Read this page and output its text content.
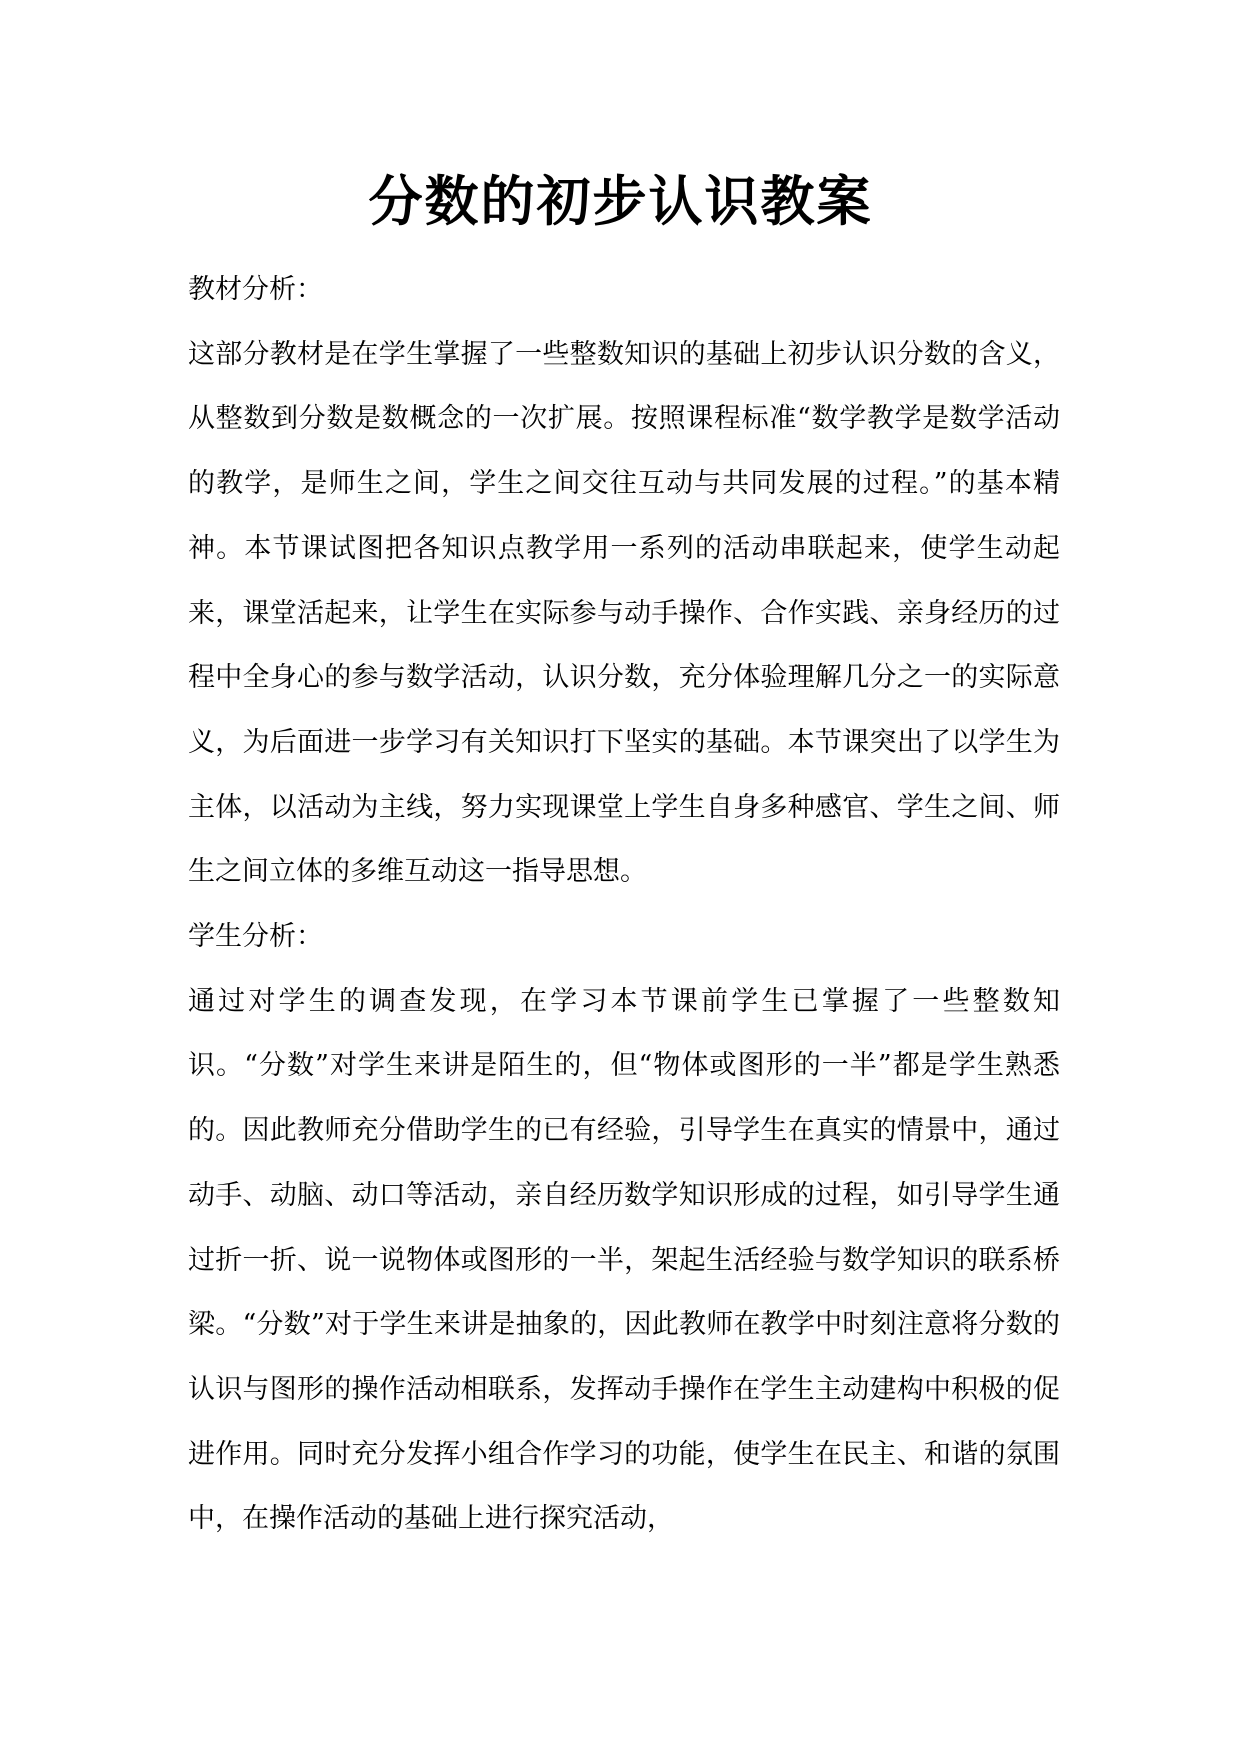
分数的初步认识教案

教材分析：

这部分教材是在学生掌握了一些整数知识的基础上初步认识分数的含义，从整数到分数是数概念的一次扩展。按照课程标准“数学教学是数学活动的教学，是师生之间，学生之间交往互动与共同发展的过程。”的基本精神。本节课试图把各知识点教学用一系列的活动串联起来，使学生动起来，课堂活起来，让学生在实际参与动手操作、合作实践、亲身经历的过程中全身心的参与数学活动，认识分数，充分体验理解几分之一的实际意义，为后面进一步学习有关知识打下坚实的基础。本节课突出了以学生为主体，以活动为主线，努力实现课堂上学生自身多种感官、学生之间、师生之间立体的多维互动这一指导思想。

学生分析：

通过对学生的调查发现，在学习本节课前学生已掌握了一些整数知识。“分数”对学生来讲是陌生的，但“物体或图形的一半”都是学生熟悉的。因此教师充分借助学生的已有经验，引导学生在真实的情景中，通过动手、动脑、动口等活动，亲自经历数学知识形成的过程，如引导学生通过折一折、说一说物体或图形的一半，架起生活经验与数学知识的联系桥梁。“分数”对于学生来讲是抽象的，因此教师在教学中时刻注意将分数的认识与图形的操作活动相联系，发挥动手操作在学生主动建构中积极的促进作用。同时充分发挥小组合作学习的功能，使学生在民主、和谐的氛围中，在操作活动的基础上进行探究活动，
